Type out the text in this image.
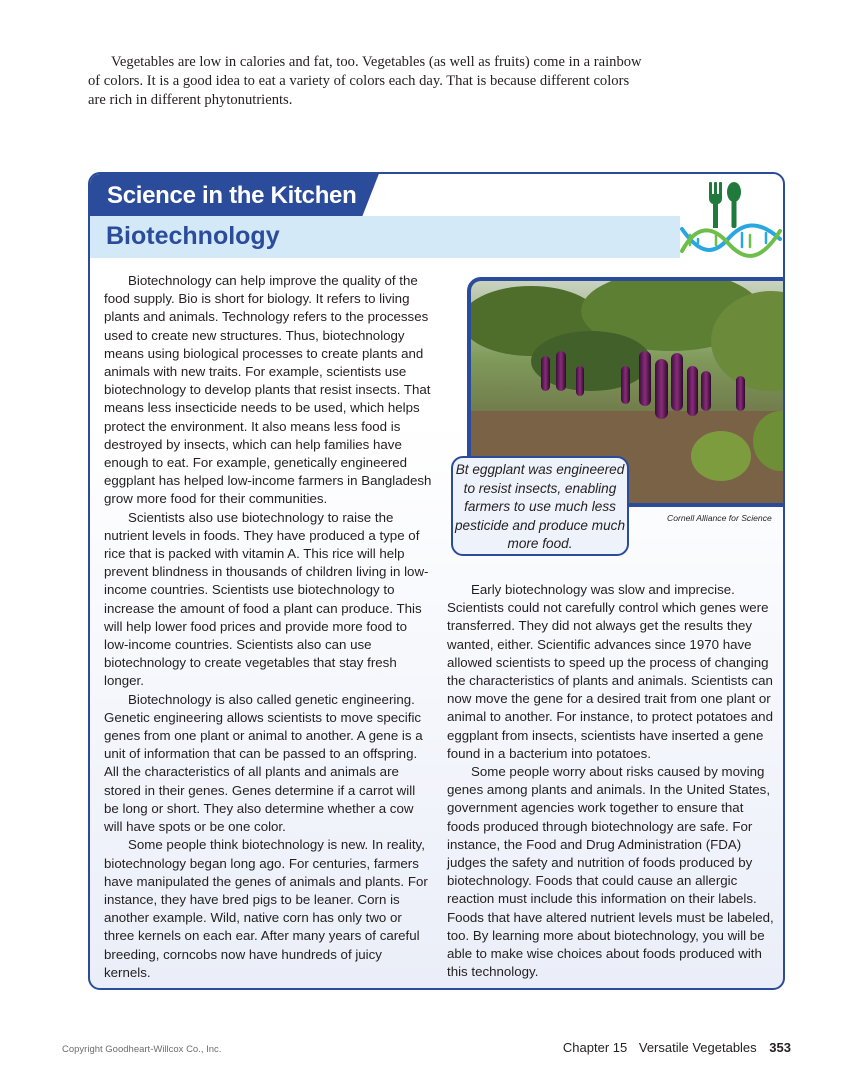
Vegetables are low in calories and fat, too. Vegetables (as well as fruits) come in a rainbow of colors. It is a good idea to eat a variety of colors each day. That is because different colors are rich in different phytonutrients.

Science in the Kitchen
Biotechnology

Biotechnology can help improve the quality of the food supply. Bio is short for biology. It refers to living plants and animals. Technology refers to the processes used to create new structures. Thus, biotechnology means using biological processes to create plants and animals with new traits. For example, scientists use biotechnology to develop plants that resist insects. That means less insecticide needs to be used, which helps protect the environment. It also means less food is destroyed by insects, which can help families have enough to eat. For example, genetically engineered eggplant has helped low-income farmers in Bangladesh grow more food for their communities.

Scientists also use biotechnology to raise the nutrient levels in foods. They have produced a type of rice that is packed with vitamin A. This rice will help prevent blindness in thousands of children living in low-income countries. Scientists use biotechnology to increase the amount of food a plant can produce. This will help lower food prices and provide more food to low-income countries. Scientists also can use biotechnology to create vegetables that stay fresh longer.

Biotechnology is also called genetic engineering. Genetic engineering allows scientists to move specific genes from one plant or animal to another. A gene is a unit of information that can be passed to an offspring. All the characteristics of all plants and animals are stored in their genes. Genes determine if a carrot will be long or short. They also determine whether a cow will have spots or be one color.

Some people think biotechnology is new. In reality, biotechnology began long ago. For centuries, farmers have manipulated the genes of animals and plants. For instance, they have bred pigs to be leaner. Corn is another example. Wild, native corn has only two or three kernels on each ear. After many years of careful breeding, corncobs now have hundreds of juicy kernels.

Cornell Alliance for Science
Bt eggplant was engineered to resist insects, enabling farmers to use much less pesticide and produce much more food.

Early biotechnology was slow and imprecise. Scientists could not carefully control which genes were transferred. They did not always get the results they wanted, either. Scientific advances since 1970 have allowed scientists to speed up the process of changing the characteristics of plants and animals. Scientists can now move the gene for a desired trait from one plant or animal to another. For instance, to protect potatoes and eggplant from insects, scientists have inserted a gene found in a bacterium into potatoes.

Some people worry about risks caused by moving genes among plants and animals. In the United States, government agencies work together to ensure that foods produced through biotechnology are safe. For instance, the Food and Drug Administration (FDA) judges the safety and nutrition of foods produced by biotechnology. Foods that could cause an allergic reaction must include this information on their labels. Foods that have altered nutrient levels must be labeled, too. By learning more about biotechnology, you will be able to make wise choices about foods produced with this technology.

Copyright Goodheart-Willcox Co., Inc.	Chapter 15 Versatile Vegetables 353
